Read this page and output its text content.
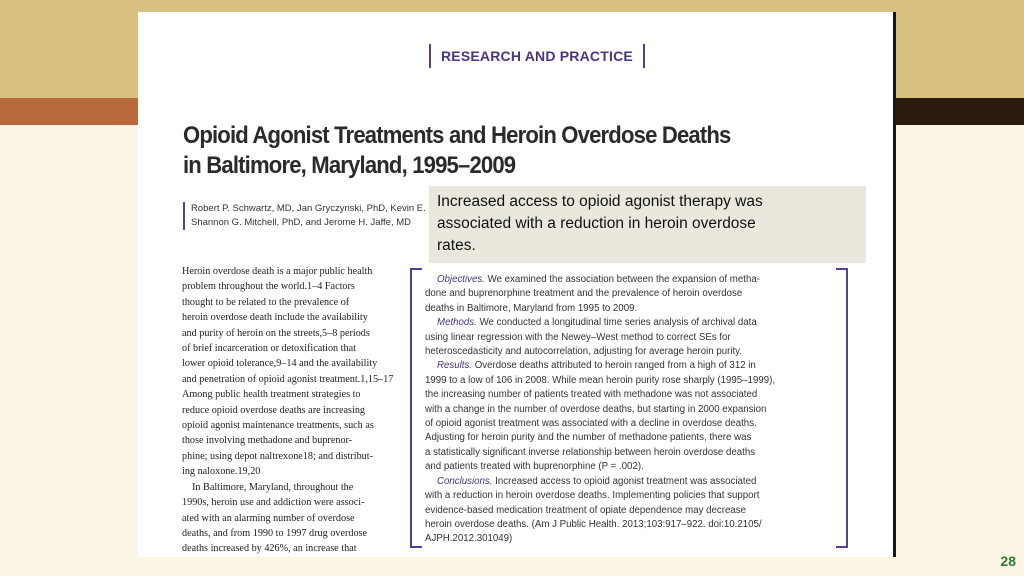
RESEARCH AND PRACTICE
Opioid Agonist Treatments and Heroin Overdose Deaths
in Baltimore, Maryland, 1995–2009
Robert P. Schwartz, MD, Jan Gryczynski, PhD, Kevin E.
Shannon G. Mitchell, PhD, and Jerome H. Jaffe, MD
Heroin overdose death is a major public health
problem throughout the world.1–4 Factors
thought to be related to the prevalence of
heroin overdose death include the availability
and purity of heroin on the streets,5–8 periods
of brief incarceration or detoxification that
lower opioid tolerance,9–14 and the availability
and penetration of opioid agonist treatment.1,15–17
Among public health treatment strategies to
reduce opioid overdose deaths are increasing
opioid agonist maintenance treatments, such as
those involving methadone and buprenor-
phine; using depot naltrexone18; and distribut-
ing naloxone.19,20
In Baltimore, Maryland, throughout the
1990s, heroin use and addiction were associ-
ated with an alarming number of overdose
deaths, and from 1990 to 1997 drug overdose
deaths increased by 426%, an increase that
Objectives. We examined the association between the expansion of metha-
done and buprenorphine treatment and the prevalence of heroin overdose
deaths in Baltimore, Maryland from 1995 to 2009.
Methods. We conducted a longitudinal time series analysis of archival data
using linear regression with the Newey–West method to correct SEs for
heteroscedasticity and autocorrelation, adjusting for average heroin purity.
Results. Overdose deaths attributed to heroin ranged from a high of 312 in
1999 to a low of 106 in 2008. While mean heroin purity rose sharply (1995–1999),
the increasing number of patients treated with methadone was not associated
with a change in the number of overdose deaths, but starting in 2000 expansion
of opioid agonist treatment was associated with a decline in overdose deaths.
Adjusting for heroin purity and the number of methadone patients, there was
a statistically significant inverse relationship between heroin overdose deaths
and patients treated with buprenorphine (P = .002).
Conclusions. Increased access to opioid agonist treatment was associated
with a reduction in heroin overdose deaths. Implementing policies that support
evidence-based medication treatment of opiate dependence may decrease
heroin overdose deaths. (Am J Public Health. 2013;103:917–922. doi:10.2105/
AJPH.2012.301049)
Increased access to opioid agonist therapy was
associated with a reduction in heroin overdose
rates.
28
